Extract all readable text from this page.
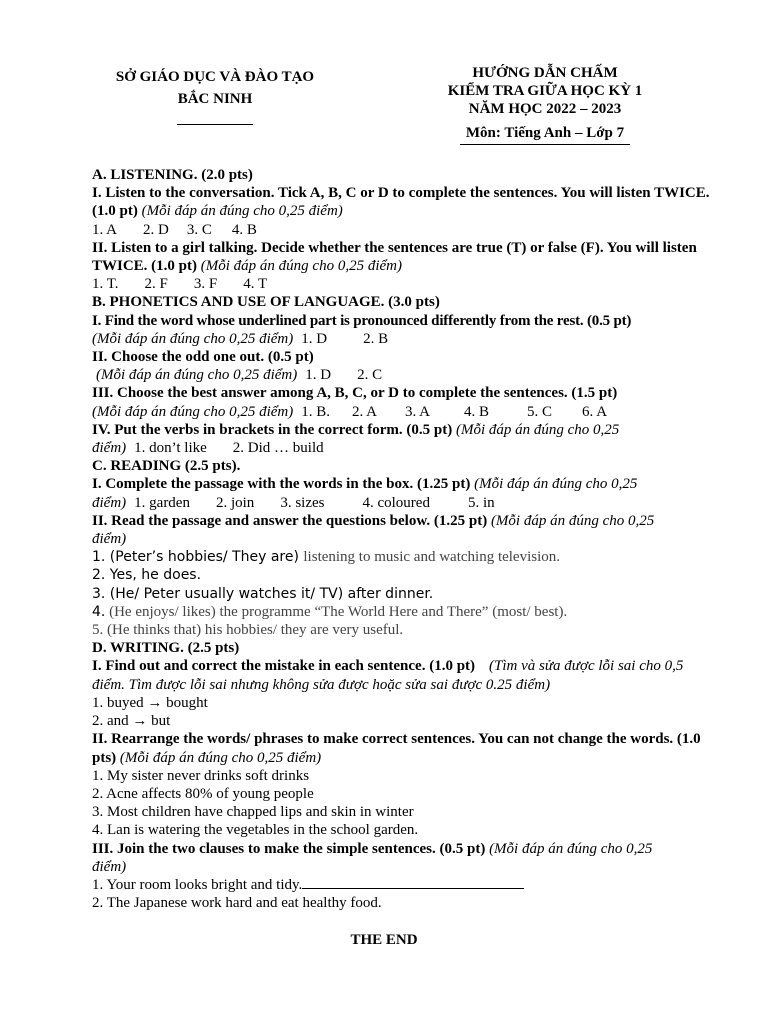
SỞ GIÁO DỤC VÀ ĐÀO TẠO
BẮC NINH
HƯỚNG DẪN CHẤM
KIỂM TRA GIỮA HỌC KỲ 1
NĂM HỌC 2022 – 2023
Môn: Tiếng Anh – Lớp 7

A. LISTENING. (2.0 pts)

I. Listen to the conversation. Tick A, B, C or D to complete the sentences. You will listen TWICE. (1.0 pt) (Mỗi đáp án đúng cho 0,25 điểm)

1. A 2. D 3. C 4. B

II. Listen to a girl talking. Decide whether the sentences are true (T) or false (F). You will listen TWICE. (1.0 pt) (Mỗi đáp án đúng cho 0,25 điểm)

1. T. 2. F 3. F 4. T

B. PHONETICS AND USE OF LANGUAGE. (3.0 pts)

I. Find the word whose underlined part is pronounced differently from the rest. (0.5 pt)

(Mỗi đáp án đúng cho 0,25 điểm) 1. D 2. B

II. Choose the odd one out. (0.5 pt)

(Mỗi đáp án đúng cho 0,25 điểm) 1. D 2. C

III. Choose the best answer among A, B, C, or D to complete the sentences. (1.5 pt)

(Mỗi đáp án đúng cho 0,25 điểm) 1. B. 2. A 3. A 4. B	5. C 6. A

IV. Put the verbs in brackets in the correct form. (0.5 pt) (Mỗi đáp án đúng cho 0,25

điểm) 1. don’t like 2. Did … build

C. READING (2.5 pts).

I. Complete the passage with the words in the box. (1.25 pt) (Mỗi đáp án đúng cho 0,25

điểm) 1. garden 2. join 3. sizes	4. coloured	5. in

II. Read the passage and answer the questions below. (1.25 pt) (Mỗi đáp án đúng cho 0,25

điểm)

1. (Peter’s hobbies/ They are) listening to music and watching television.

2. Yes, he does.

3. (He/ Peter usually watches it/ TV) after dinner.

4. (He enjoys/ likes) the programme “The World Here and There” (most/ best).

5. (He thinks that) his hobbies/ they are very useful.

D. WRITING. (2.5 pts)

I. Find out and correct the mistake in each sentence. (1.0 pt) (Tìm và sửa được lỗi sai cho 0,5 điểm. Tìm được lỗi sai nhưng không sửa được hoặc sửa sai được 0.25 điểm)

1. buyed → bought

2. and → but

II. Rearrange the words/ phrases to make correct sentences. You can not change the words. (1.0 pts) (Mỗi đáp án đúng cho 0,25 điểm)

1. My sister never drinks soft drinks

2. Acne affects 80% of young people

3. Most children have chapped lips and skin in winter

4. Lan is watering the vegetables in the school garden.

III. Join the two clauses to make the simple sentences. (0.5 pt) (Mỗi đáp án đúng cho 0,25

điểm)

1. Your room looks bright and tidy.

2. The Japanese work hard and eat healthy food.

THE END
